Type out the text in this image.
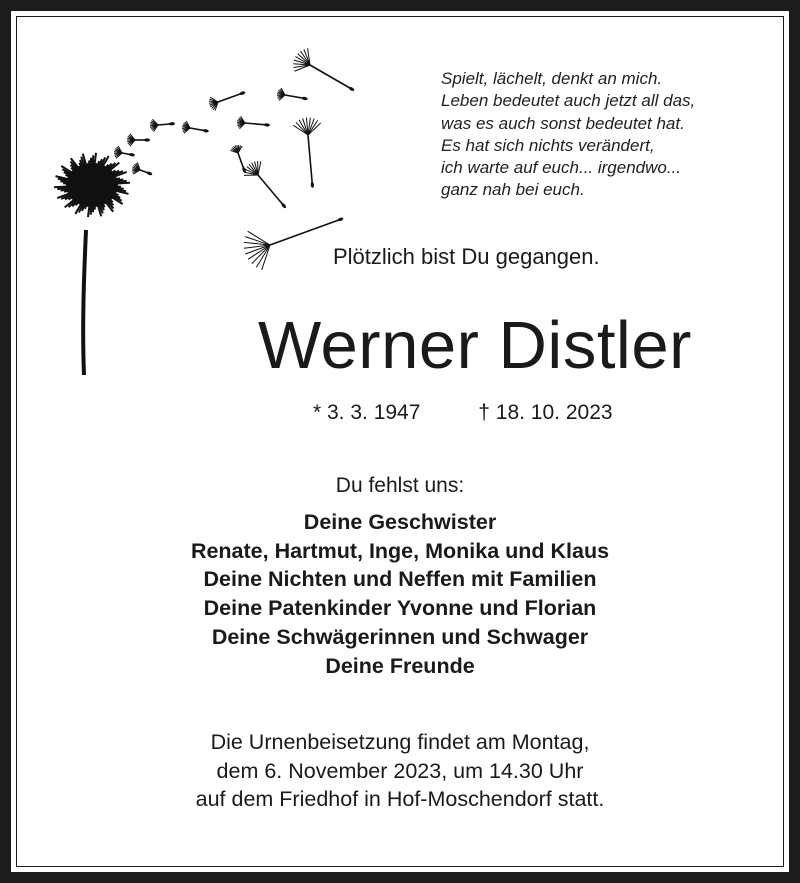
Spielt, lächelt, denkt an mich.
Leben bedeutet auch jetzt all das,
was es auch sonst bedeutet hat.
Es hat sich nichts verändert,
ich warte auf euch... irgendwo...
ganz nah bei euch.
Plötzlich bist Du gegangen.
Werner Distler
* 3. 3. 1947	† 18. 10. 2023
Du fehlst uns:
Deine Geschwister
Renate, Hartmut, Inge, Monika und Klaus
Deine Nichten und Neffen mit Familien
Deine Patenkinder Yvonne und Florian
Deine Schwägerinnen und Schwager
Deine Freunde
Die Urnenbeisetzung findet am Montag,
dem 6. November 2023, um 14.30 Uhr
auf dem Friedhof in Hof-Moschendorf statt.
